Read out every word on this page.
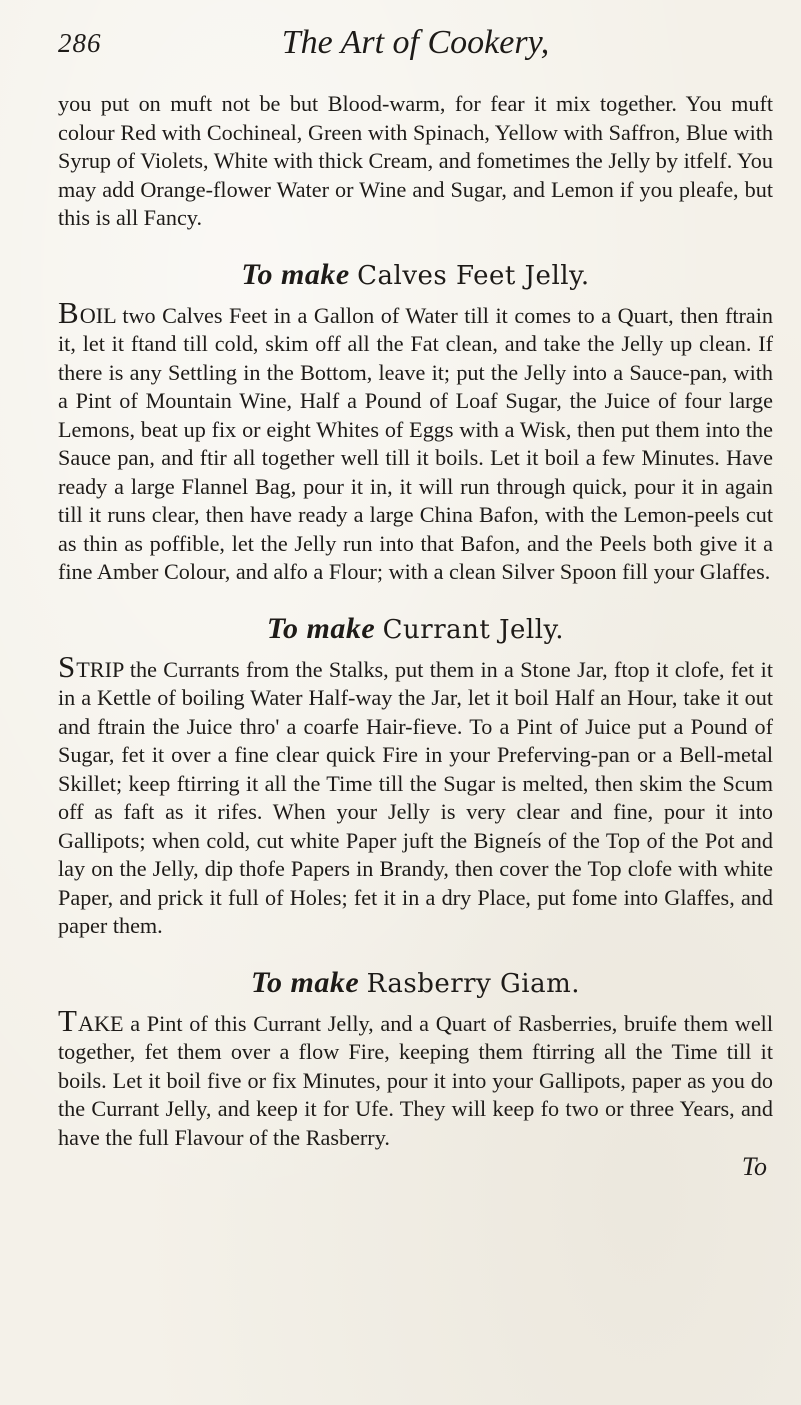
286	The Art of Cookery,

you put on muft not be but Blood-warm, for fear it mix together. You muft colour Red with Cochineal, Green with Spinach, Yellow with Saffron, Blue with Syrup of Violets, White with thick Cream, and fometimes the Jelly by itfelf. You may add Orange-flower Water or Wine and Sugar, and Lemon if you pleafe, but this is all Fancy.

To make Calves Feet Jelly.

BOIL two Calves Feet in a Gallon of Water till it comes to a Quart, then ftrain it, let it ftand till cold, skim off all the Fat clean, and take the Jelly up clean. If there is any Settling in the Bottom, leave it; put the Jelly into a Sauce-pan, with a Pint of Mountain Wine, Half a Pound of Loaf Sugar, the Juice of four large Lemons, beat up fix or eight Whites of Eggs with a Wisk, then put them into the Sauce pan, and ftir all together well till it boils. Let it boil a few Minutes. Have ready a large Flannel Bag, pour it in, it will run through quick, pour it in again till it runs clear, then have ready a large China Bafon, with the Lemon-peels cut as thin as poffible, let the Jelly run into that Bafon, and the Peels both give it a fine Amber Colour, and alfo a Flour; with a clean Silver Spoon fill your Glaffes.

To make Currant Jelly.

STRIP the Currants from the Stalks, put them in a Stone Jar, ftop it clofe, fet it in a Kettle of boiling Water Half-way the Jar, let it boil Half an Hour, take it out and ftrain the Juice thro' a coarfe Hair-fieve. To a Pint of Juice put a Pound of Sugar, fet it over a fine clear quick Fire in your Preferving-pan or a Bell-metal Skillet; keep ftirring it all the Time till the Sugar is melted, then skim the Scum off as faft as it rifes. When your Jelly is very clear and fine, pour it into Gallipots; when cold, cut white Paper juft the Bigneís of the Top of the Pot and lay on the Jelly, dip thofe Papers in Brandy, then cover the Top clofe with white Paper, and prick it full of Holes; fet it in a dry Place, put fome into Glaffes, and paper them.

To make Rasberry Giam.

TAKE a Pint of this Currant Jelly, and a Quart of Rasberries, bruife them well together, fet them over a flow Fire, keeping them ftirring all the Time till it boils. Let it boil five or fix Minutes, pour it into your Gallipots, paper as you do the Currant Jelly, and keep it for Ufe. They will keep fo two or three Years, and have the full Flavour of the Rasberry.

To
